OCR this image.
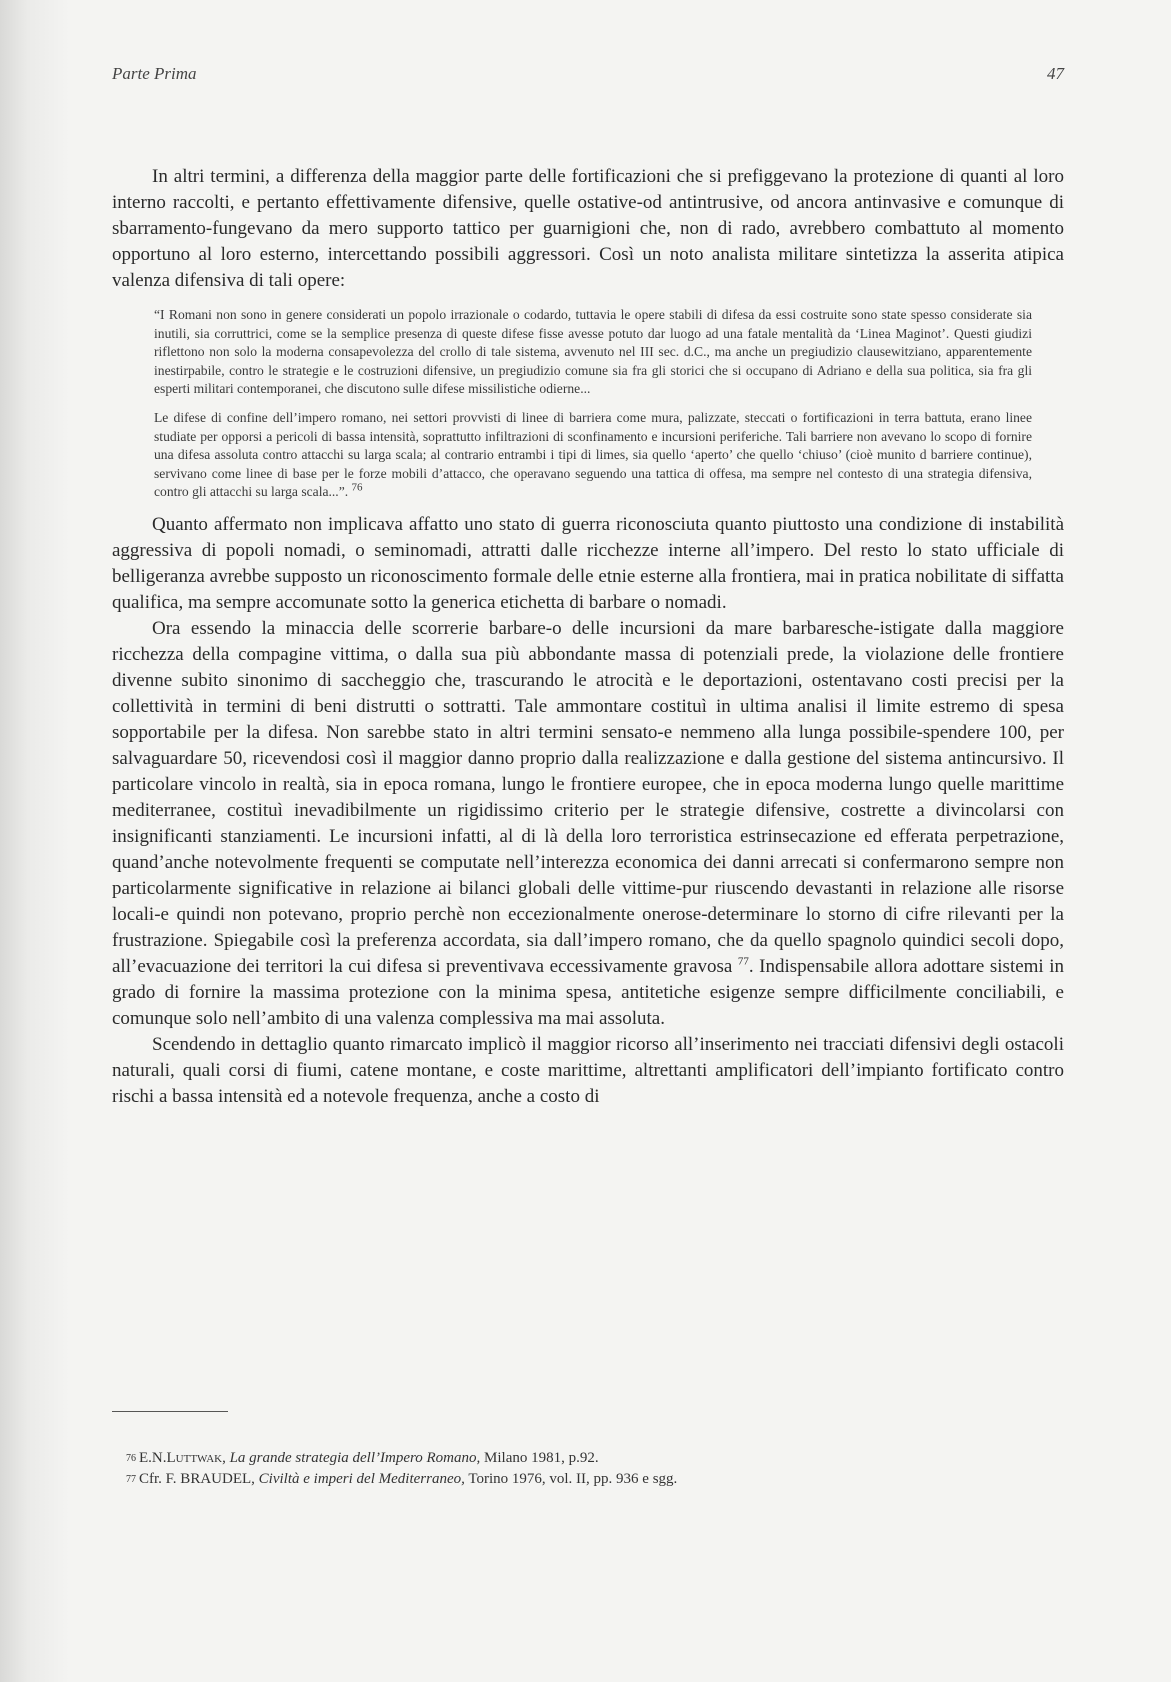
Parte Prima	47

In altri termini, a differenza della maggior parte delle fortificazioni che si prefiggevano la protezione di quanti al loro interno raccolti, e pertanto effettivamente difensive, quelle ostative-od antintrusive, od ancora antinvasive e comunque di sbarramento-fungevano da mero supporto tattico per guarnigioni che, non di rado, avrebbero combattuto al momento opportuno al loro esterno, intercettando possibili aggressori. Così un noto analista militare sintetizza la asserita atipica valenza difensiva di tali opere:

“I Romani non sono in genere considerati un popolo irrazionale o codardo, tuttavia le opere stabili di difesa da essi costruite sono state spesso considerate sia inutili, sia corruttrici, come se la semplice presenza di queste difese fisse avesse potuto dar luogo ad una fatale mentalità da ‘Linea Maginot’. Questi giudizi riflettono non solo la moderna consapevolezza del crollo di tale sistema, avvenuto nel III sec. d.C., ma anche un pregiudizio clausewitziano, apparentemente inestirpabile, contro le strategie e le costruzioni difensive, un pregiudizio comune sia fra gli storici che si occupano di Adriano e della sua politica, sia fra gli esperti militari contemporanei, che discutono sulle difese missilistiche odierne...

Le difese di confine dell’impero romano, nei settori provvisti di linee di barriera come mura, palizzate, steccati o fortificazioni in terra battuta, erano linee studiate per opporsi a pericoli di bassa intensità, soprattutto infiltrazioni di sconfinamento e incursioni periferiche. Tali barriere non avevano lo scopo di fornire una difesa assoluta contro attacchi su larga scala; al contrario entrambi i tipi di limes, sia quello ‘aperto’ che quello ‘chiuso’ (cioè munito d barriere continue), servivano come linee di base per le forze mobili d’attacco, che operavano seguendo una tattica di offesa, ma sempre nel contesto di una strategia difensiva, contro gli attacchi su larga scala...”. $^{76}$

Quanto affermato non implicava affatto uno stato di guerra riconosciuta quanto piuttosto una condizione di instabilità aggressiva di popoli nomadi, o seminomadi, attratti dalle ricchezze interne all’impero. Del resto lo stato ufficiale di belligeranza avrebbe supposto un riconoscimento formale delle etnie esterne alla frontiera, mai in pratica nobilitate di siffatta qualifica, ma sempre accomunate sotto la generica etichetta di barbare o nomadi.

Ora essendo la minaccia delle scorrerie barbare-o delle incursioni da mare barbaresche-istigate dalla maggiore ricchezza della compagine vittima, o dalla sua più abbondante massa di potenziali prede, la violazione delle frontiere divenne subito sinonimo di saccheggio che, trascurando le atrocità e le deportazioni, ostentavano costi precisi per la collettività in termini di beni distrutti o sottratti. Tale ammontare costituì in ultima analisi il limite estremo di spesa sopportabile per la difesa. Non sarebbe stato in altri termini sensato-e nemmeno alla lunga possibile-spendere 100, per salvaguardare 50, ricevendosi così il maggior danno proprio dalla realizzazione e dalla gestione del sistema antincursivo. Il particolare vincolo in realtà, sia in epoca romana, lungo le frontiere europee, che in epoca moderna lungo quelle marittime mediterranee, costituì inevadibilmente un rigidissimo criterio per le strategie difensive, costrette a divincolarsi con insignificanti stanziamenti. Le incursioni infatti, al di là della loro terroristica estrinsecazione ed efferata perpetrazione, quand’anche notevolmente frequenti se computate nell’interezza economica dei danni arrecati si confermarono sempre non particolarmente significative in relazione ai bilanci globali delle vittime-pur riuscendo devastanti in relazione alle risorse locali-e quindi non potevano, proprio perchè non eccezionalmente onerose-determinare lo storno di cifre rilevanti per la frustrazione. Spiegabile così la preferenza accordata, sia dall’impero romano, che da quello spagnolo quindici secoli dopo, all’evacuazione dei territori la cui difesa si preventivava eccessivamente gravosa $^{77}$. Indispensabile allora adottare sistemi in grado di fornire la massima protezione con la minima spesa, antitetiche esigenze sempre difficilmente conciliabili, e comunque solo nell’ambito di una valenza complessiva ma mai assoluta.

Scendendo in dettaglio quanto rimarcato implicò il maggior ricorso all’inserimento nei tracciati difensivi degli ostacoli naturali, quali corsi di fiumi, catene montane, e coste marittime, altrettanti amplificatori dell’impianto fortificato contro rischi a bassa intensità ed a notevole frequenza, anche a costo di

$^{76}$ E.N.Luttwak, La grande strategia dell’Impero Romano, Milano 1981, p.92.
$^{77}$ Cfr. F. BRAUDEL, Civiltà e imperi del Mediterraneo, Torino 1976, vol. II, pp. 936 e sgg.
